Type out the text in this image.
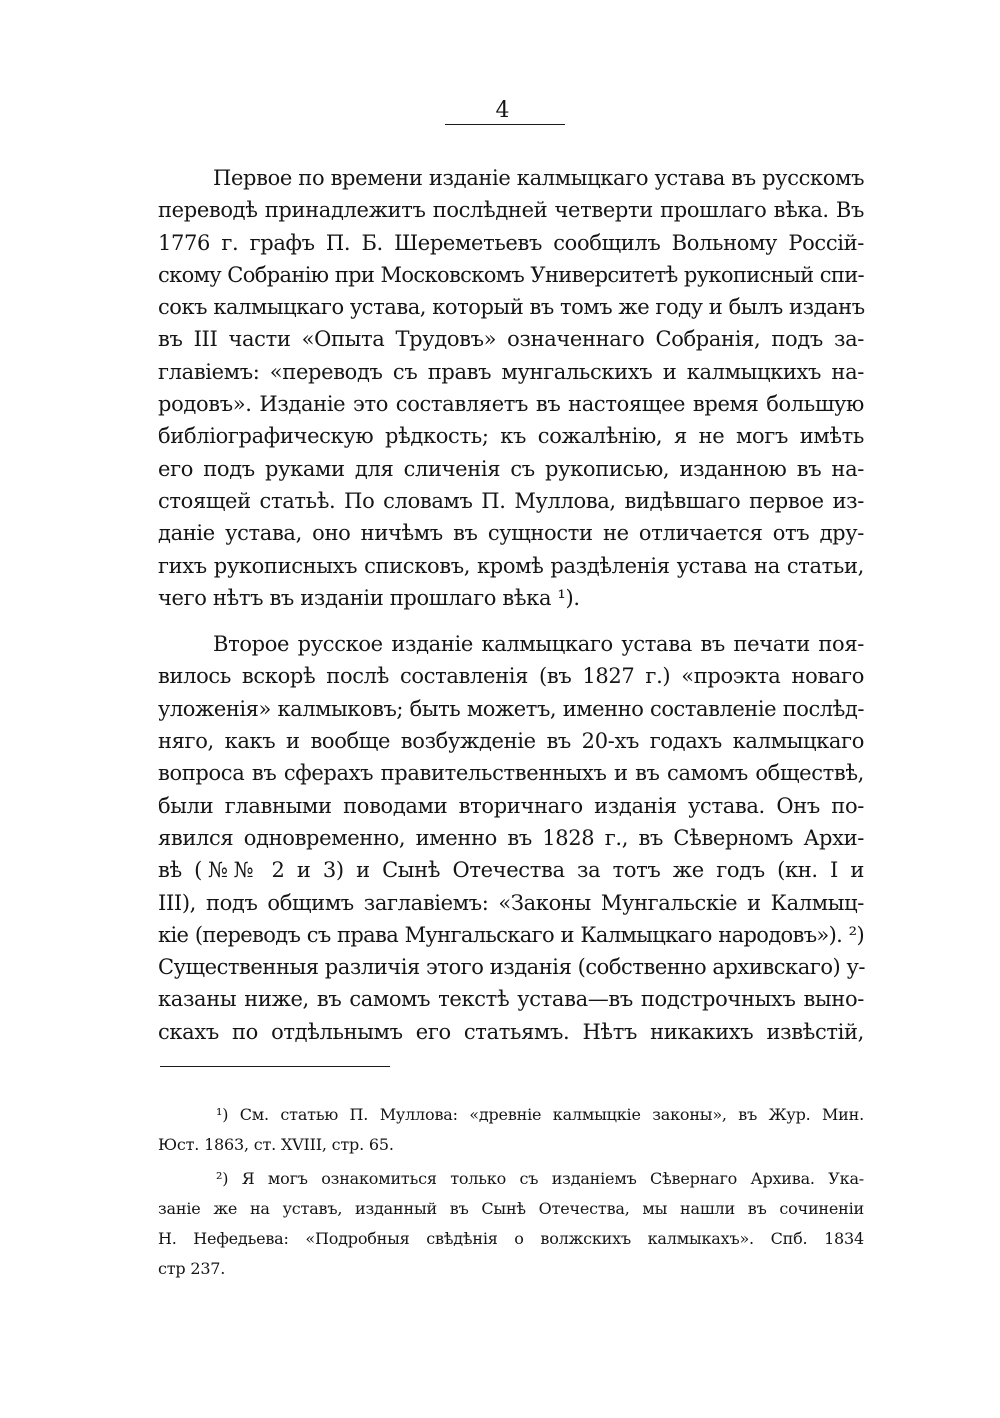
4
Первое по времени изданіе калмыцкаго устава въ русскомъ
переводѣ принадлежитъ послѣдней четверти прошлаго вѣка. Въ
1776 г. графъ П. Б. Шереметьевъ сообщилъ Вольному Россій-
скому Собранію при Московскомъ Университетѣ рукописный спи-
сокъ калмыцкаго устава, который въ томъ же году и былъ изданъ
въ III части «Опыта Трудовъ» означеннаго Собранія, подъ за-
главіемъ: «переводъ съ правъ мунгальскихъ и калмыцкихъ на-
родовъ». Изданіе это составляетъ въ настоящее время большую
библіографическую рѣдкость; къ сожалѣнію, я не могъ имѣть
его подъ руками для сличенія съ рукописью, изданною въ на-
стоящей статьѣ. По словамъ П. Муллова, видѣвшаго первое из-
даніе устава, оно ничѣмъ въ сущности не отличается отъ дру-
гихъ рукописныхъ списковъ, кромѣ раздѣленія устава на статьи,
чего нѣтъ въ изданіи прошлаго вѣка ¹).
Второе русское изданіе калмыцкаго устава въ печати поя-
вилось вскорѣ послѣ составленія (въ 1827 г.) «проэкта новаго
уложенія» калмыковъ; быть можетъ, именно составленіе послѣд-
няго, какъ и вообще возбужденіе въ 20-хъ годахъ калмыцкаго
вопроса въ сферахъ правительственныхъ и въ самомъ обществѣ,
были главными поводами вторичнаго изданія устава. Онъ по-
явился одновременно, именно въ 1828 г., въ Сѣверномъ Архи-
вѣ (№№ 2 и 3) и Сынѣ Отечества за тотъ же годъ (кн. I и
III), подъ общимъ заглавіемъ: «Законы Мунгальскіе и Калмыц-
кіе (переводъ съ права Мунгальскаго и Калмыцкаго народовъ»). ²)
Существенныя различія этого изданія (собственно архивскаго) у-
казаны ниже, въ самомъ текстѣ устава—въ подстрочныхъ выно-
скахъ по отдѣльнымъ его статьямъ. Нѣтъ никакихъ извѣстій,
¹) См. статью П. Муллова: «древніе калмыцкіе законы», въ Жур. Мин.
Юст. 1863, ст. XVIII, стр. 65.
²) Я могъ ознакомиться только съ изданіемъ Сѣвернаго Архива. Ука-
заніе же на уставъ, изданный въ Сынѣ Отечества, мы нашли въ сочиненіи
Н. Нефедьева: «Подробныя свѣдѣнія о волжскихъ калмыкахъ». Спб. 1834
стр 237.
